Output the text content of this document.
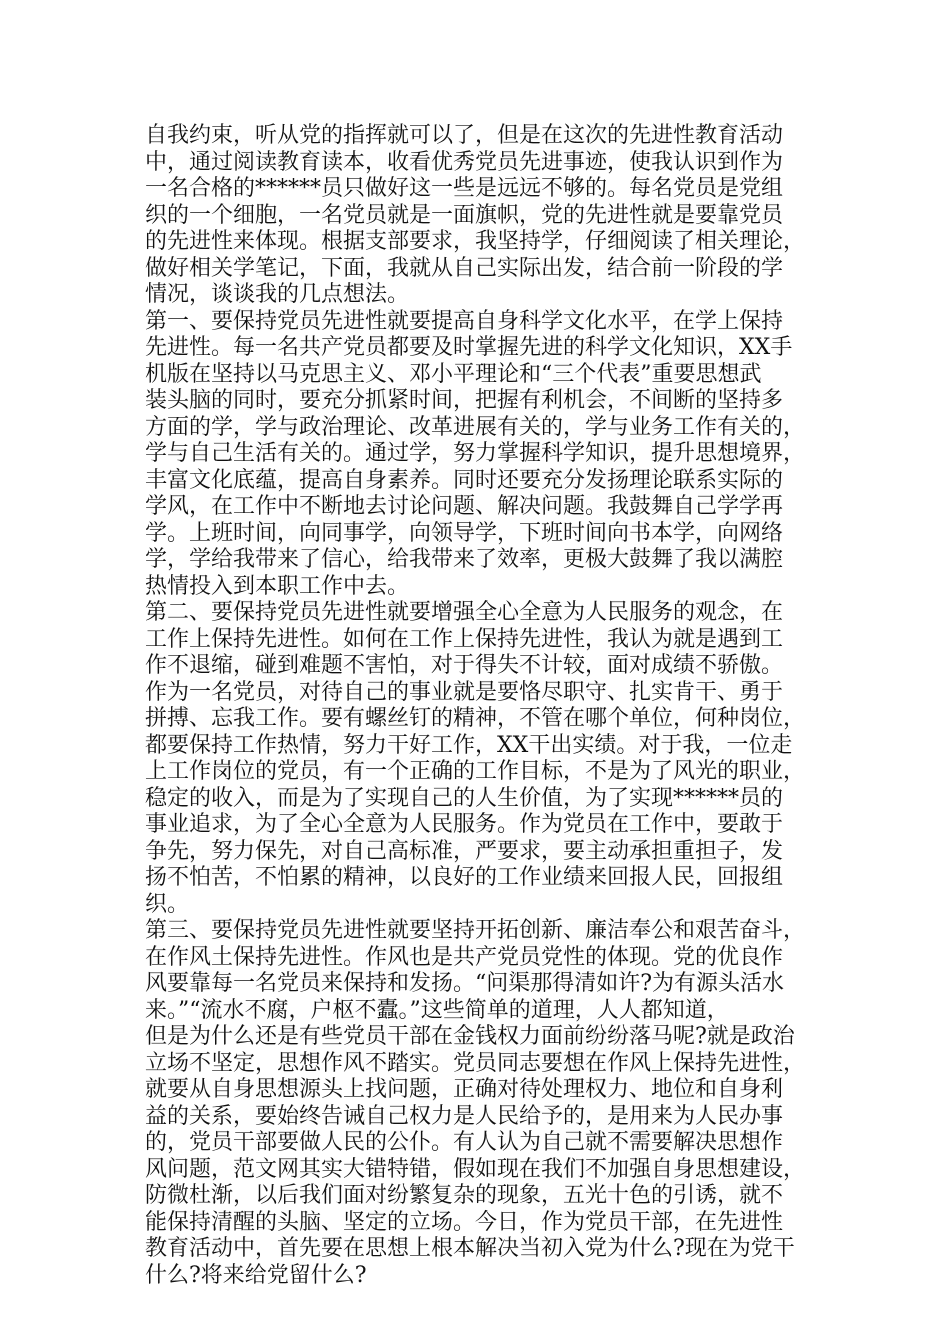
自我约束，听从党的指挥就可以了，但是在这次的先进性教育活动
中，通过阅读教育读本，收看优秀党员先进事迹，使我认识到作为
一名合格的******员只做好这一些是远远不够的。每名党员是党组
织的一个细胞，一名党员就是一面旗帜，党的先进性就是要靠党员
的先进性来体现。根据支部要求，我坚持学，仔细阅读了相关理论，
做好相关学笔记，下面，我就从自己实际出发，结合前一阶段的学
情况，谈谈我的几点想法。
第一、要保持党员先进性就要提高自身科学文化水平，在学上保持
先进性。每一名共产党员都要及时掌握先进的科学文化知识，XX手
机版在坚持以马克思主义、邓小平理论和“三个代表”重要思想武
装头脑的同时，要充分抓紧时间，把握有利机会，不间断的坚持多
方面的学，学与政治理论、改革进展有关的，学与业务工作有关的，
学与自己生活有关的。通过学，努力掌握科学知识，提升思想境界，
丰富文化底蕴，提高自身素养。同时还要充分发扬理论联系实际的
学风，在工作中不断地去讨论问题、解决问题。我鼓舞自己学学再
学。上班时间，向同事学，向领导学，下班时间向书本学，向网络
学，学给我带来了信心，给我带来了效率，更极大鼓舞了我以满腔
热情投入到本职工作中去。
第二、要保持党员先进性就要增强全心全意为人民服务的观念，在
工作上保持先进性。如何在工作上保持先进性，我认为就是遇到工
作不退缩，碰到难题不害怕，对于得失不计较，面对成绩不骄傲。
作为一名党员，对待自己的事业就是要恪尽职守、扎实肯干、勇于
拼搏、忘我工作。要有螺丝钉的精神，不管在哪个单位，何种岗位，
都要保持工作热情，努力干好工作，XX干出实绩。对于我，一位走
上工作岗位的党员，有一个正确的工作目标，不是为了风光的职业，
稳定的收入，而是为了实现自己的人生价值，为了实现******员的
事业追求，为了全心全意为人民服务。作为党员在工作中，要敢于
争先，努力保先，对自己高标准，严要求，要主动承担重担子，发
扬不怕苦，不怕累的精神，以良好的工作业绩来回报人民，回报组
织。
第三、要保持党员先进性就要坚持开拓创新、廉洁奉公和艰苦奋斗，
在作风土保持先进性。作风也是共产党员党性的体现。党的优良作
风要靠每一名党员来保持和发扬。“问渠那得清如许?为有源头活水
来。”“流水不腐，户枢不蠹。”这些简单的道理，人人都知道，
但是为什么还是有些党员干部在金钱权力面前纷纷落马呢?就是政治
立场不坚定，思想作风不踏实。党员同志要想在作风上保持先进性，
就要从自身思想源头上找问题，正确对待处理权力、地位和自身利
益的关系，要始终告诫自己权力是人民给予的，是用来为人民办事
的，党员干部要做人民的公仆。有人认为自己就不需要解决思想作
风问题，范文网其实大错特错，假如现在我们不加强自身思想建设，
防微杜渐，以后我们面对纷繁复杂的现象，五光十色的引诱，就不
能保持清醒的头脑、坚定的立场。今日，作为党员干部，在先进性
教育活动中，首先要在思想上根本解决当初入党为什么?现在为党干
什么?将来给党留什么?
